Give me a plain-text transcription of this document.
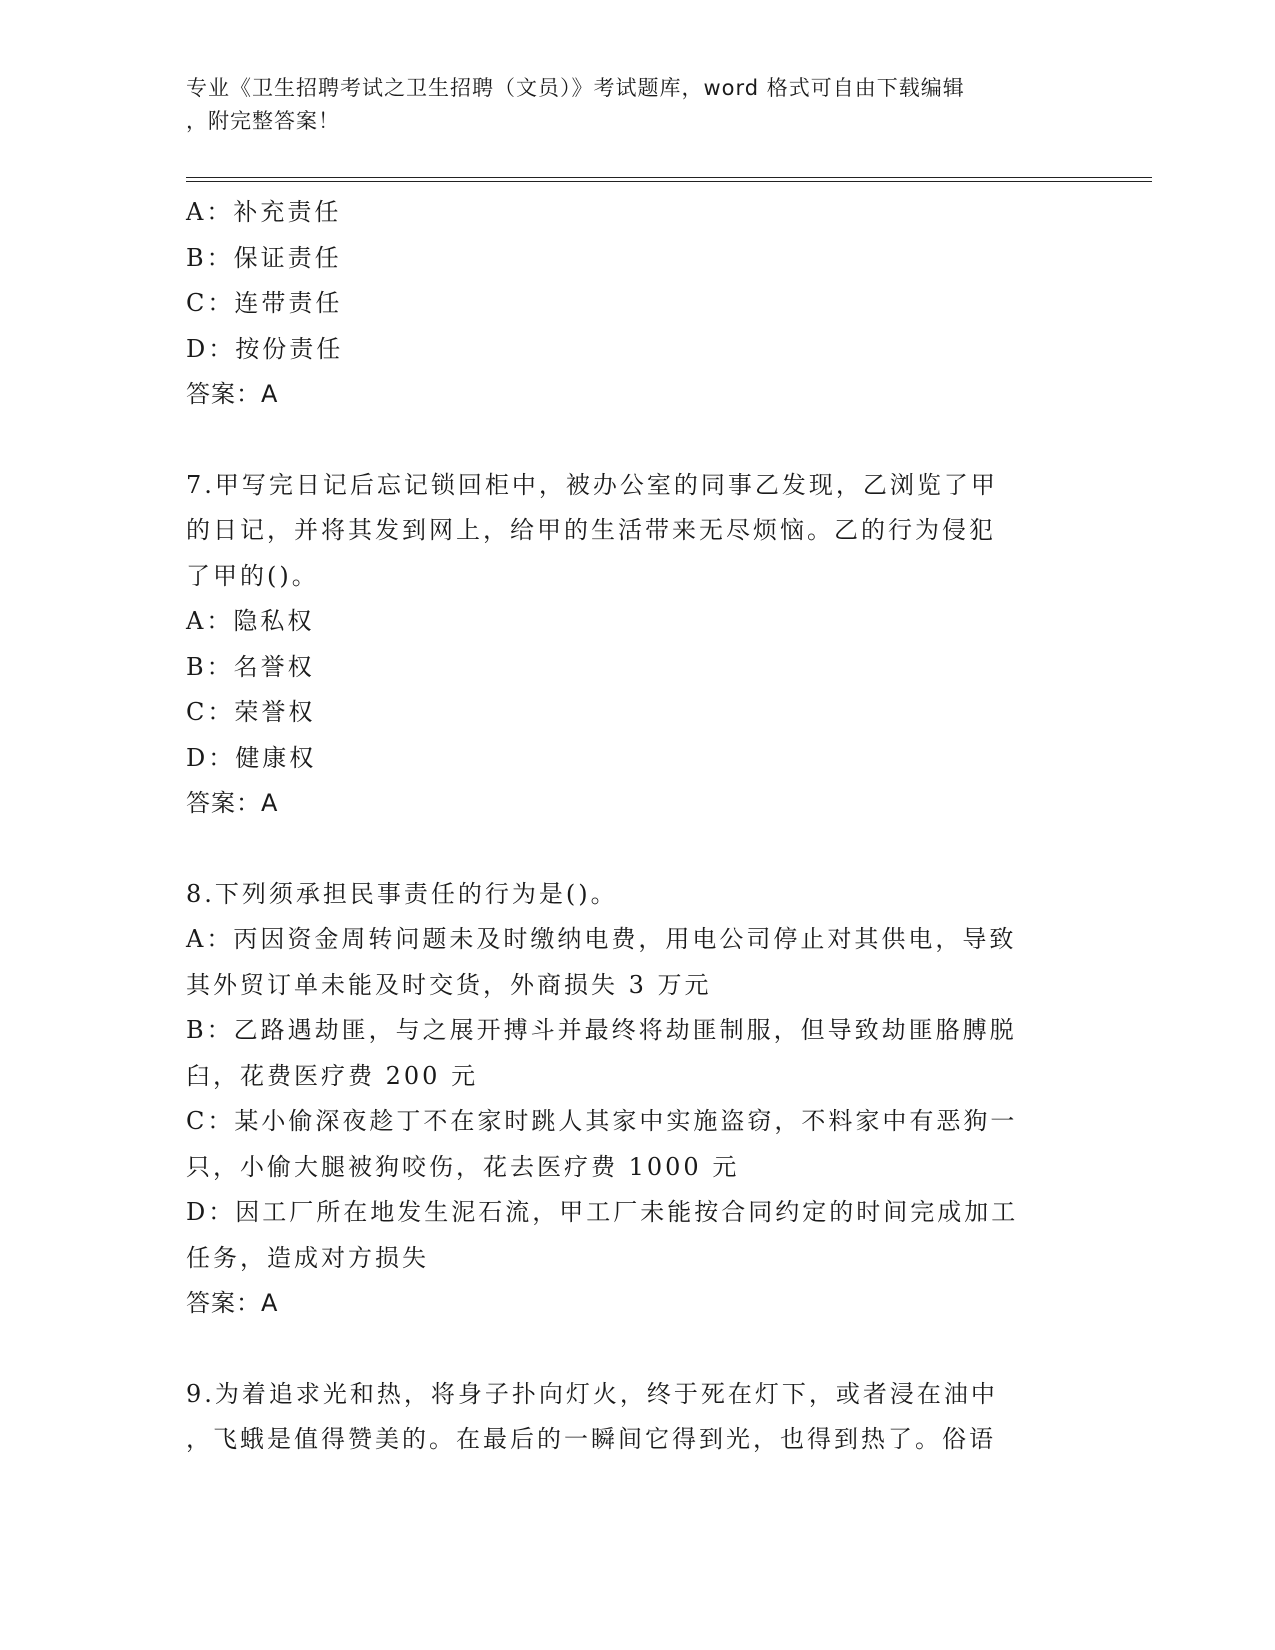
专业《卫生招聘考试之卫生招聘（文员）》考试题库，word 格式可自由下载编辑
，附完整答案！

A：补充责任

B：保证责任

C：连带责任

D：按份责任

答案：A

7.甲写完日记后忘记锁回柜中，被办公室的同事乙发现，乙浏览了甲

的日记，并将其发到网上，给甲的生活带来无尽烦恼。乙的行为侵犯

了甲的()。

A：隐私权

B：名誉权

C：荣誉权

D：健康权

答案：A

8.下列须承担民事责任的行为是()。

A：丙因资金周转问题未及时缴纳电费，用电公司停止对其供电，导致

其外贸订单未能及时交货，外商损失 3 万元

B：乙路遇劫匪，与之展开搏斗并最终将劫匪制服，但导致劫匪胳膊脱

臼，花费医疗费 200 元

C：某小偷深夜趁丁不在家时跳人其家中实施盗窃，不料家中有恶狗一

只，小偷大腿被狗咬伤，花去医疗费 1000 元

D：因工厂所在地发生泥石流，甲工厂未能按合同约定的时间完成加工

任务，造成对方损失

答案：A

9.为着追求光和热，将身子扑向灯火，终于死在灯下，或者浸在油中

，飞蛾是值得赞美的。在最后的一瞬间它得到光，也得到热了。俗语
